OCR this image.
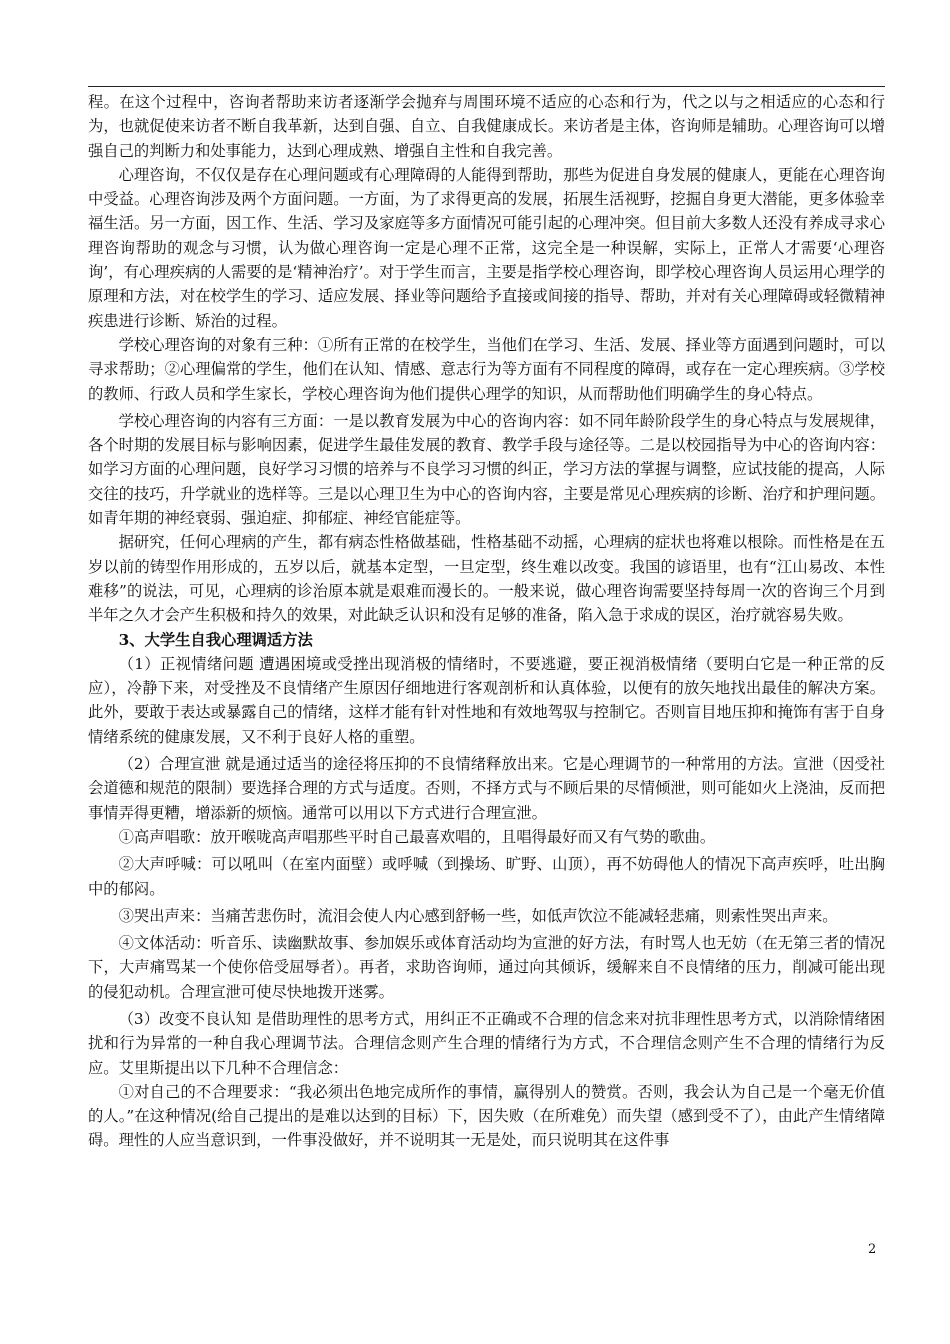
程。在这个过程中，咨询者帮助来访者逐渐学会抛弃与周围环境不适应的心态和行为，代之以与之相适应的心态和行为，也就促使来访者不断自我革新，达到自强、自立、自我健康成长。来访者是主体，咨询师是辅助。心理咨询可以增强自己的判断力和处事能力，达到心理成熟、增强自主性和自我完善。

心理咨询，不仅仅是存在心理问题或有心理障碍的人能得到帮助，那些为促进自身发展的健康人，更能在心理咨询中受益。心理咨询涉及两个方面问题。一方面，为了求得更高的发展，拓展生活视野，挖掘自身更大潜能，更多体验幸福生活。另一方面，因工作、生活、学习及家庭等多方面情况可能引起的心理冲突。但目前大多数人还没有养成寻求心理咨询帮助的观念与习惯，认为做心理咨询一定是心理不正常，这完全是一种误解，实际上，正常人才需要‘心理咨询’，有心理疾病的人需要的是‘精神治疗’。对于学生而言，主要是指学校心理咨询，即学校心理咨询人员运用心理学的原理和方法，对在校学生的学习、适应发展、择业等问题给予直接或间接的指导、帮助，并对有关心理障碍或轻微精神疾患进行诊断、矫治的过程。

学校心理咨询的对象有三种：①所有正常的在校学生，当他们在学习、生活、发展、择业等方面遇到问题时，可以寻求帮助；②心理偏常的学生，他们在认知、情感、意志行为等方面有不同程度的障碍，或存在一定心理疾病。③学校的教师、行政人员和学生家长，学校心理咨询为他们提供心理学的知识，从而帮助他们明确学生的身心特点。

学校心理咨询的内容有三方面：一是以教育发展为中心的咨询内容：如不同年龄阶段学生的身心特点与发展规律，各个时期的发展目标与影响因素，促进学生最佳发展的教育、教学手段与途径等。二是以校园指导为中心的咨询内容：如学习方面的心理问题，良好学习习惯的培养与不良学习习惯的纠正，学习方法的掌握与调整，应试技能的提高，人际交往的技巧，升学就业的选样等。三是以心理卫生为中心的咨询内容，主要是常见心理疾病的诊断、治疗和护理问题。如青年期的神经衰弱、强迫症、抑郁症、神经官能症等。

据研究，任何心理病的产生，都有病态性格做基础，性格基础不动摇，心理病的症状也将难以根除。而性格是在五岁以前的铸型作用形成的，五岁以后，就基本定型，一旦定型，终生难以改变。我国的谚语里，也有“江山易改、本性难移”的说法，可见，心理病的诊治原本就是艰难而漫长的。一般来说，做心理咨询需要坚持每周一次的咨询三个月到半年之久才会产生积极和持久的效果，对此缺乏认识和没有足够的准备，陷入急于求成的误区，治疗就容易失败。

3、大学生自我心理调适方法

（1）正视情绪问题 遭遇困境或受挫出现消极的情绪时，不要逃避，要正视消极情绪（要明白它是一种正常的反应），冷静下来，对受挫及不良情绪产生原因仔细地进行客观剖析和认真体验，以便有的放矢地找出最佳的解决方案。此外，要敢于表达或暴露自己的情绪，这样才能有针对性地和有效地驾驭与控制它。否则盲目地压抑和掩饰有害于自身情绪系统的健康发展，又不利于良好人格的重塑。

（2）合理宣泄 就是通过适当的途径将压抑的不良情绪释放出来。它是心理调节的一种常用的方法。宣泄（因受社会道德和规范的限制）要选择合理的方式与适度。否则，不择方式与不顾后果的尽情倾泄，则可能如火上浇油，反而把事情弄得更糟，增添新的烦恼。通常可以用以下方式进行合理宣泄。

①高声唱歌：放开喉咙高声唱那些平时自己最喜欢唱的，且唱得最好而又有气势的歌曲。

②大声呼喊：可以吼叫（在室内面壁）或呼喊（到操场、旷野、山顶），再不妨碍他人的情况下高声疾呼，吐出胸中的郁闷。

③哭出声来：当痛苦悲伤时，流泪会使人内心感到舒畅一些，如低声饮泣不能减轻悲痛，则索性哭出声来。

④文体活动：听音乐、读幽默故事、参加娱乐或体育活动均为宣泄的好方法，有时骂人也无妨（在无第三者的情况下，大声痛骂某一个使你倍受屈辱者）。再者，求助咨询师，通过向其倾诉，缓解来自不良情绪的压力，削减可能出现的侵犯动机。合理宣泄可使尽快地拨开迷雾。

（3）改变不良认知 是借助理性的思考方式，用纠正不正确或不合理的信念来对抗非理性思考方式，以消除情绪困扰和行为异常的一种自我心理调节法。合理信念则产生合理的情绪行为方式，不合理信念则产生不合理的情绪行为反应。艾里斯提出以下几种不合理信念：

①对自己的不合理要求：“我必须出色地完成所作的事情，赢得别人的赞赏。否则，我会认为自己是一个毫无价值的人。”在这种情况(给自己提出的是难以达到的目标）下，因失败（在所难免）而失望（感到受不了），由此产生情绪障碍。理性的人应当意识到，一件事没做好，并不说明其一无是处，而只说明其在这件事

2
